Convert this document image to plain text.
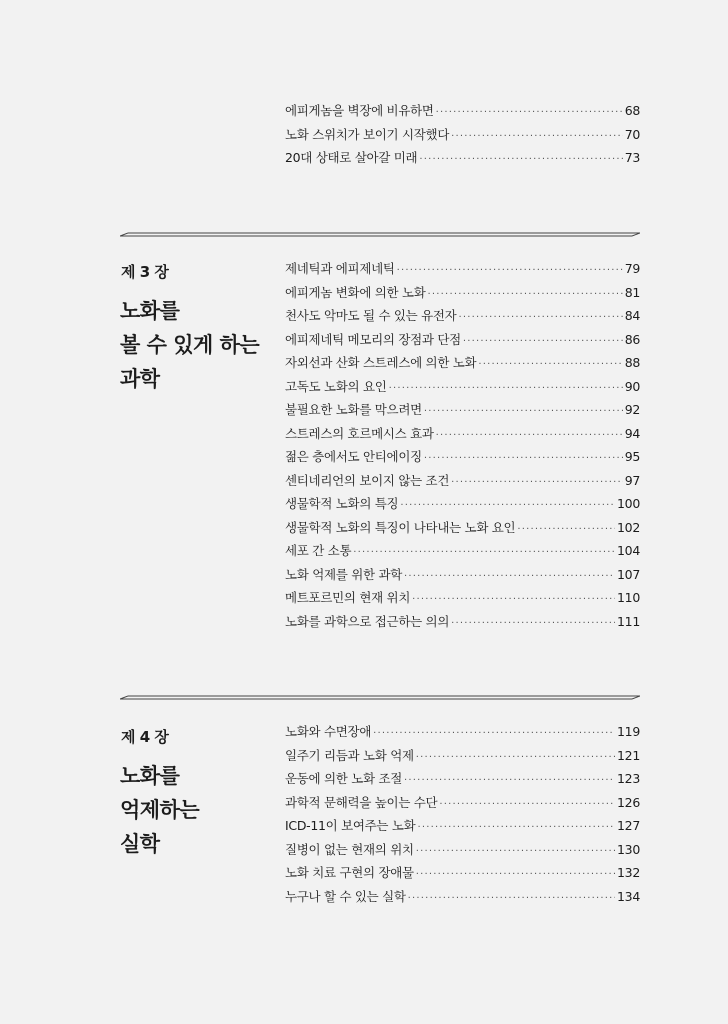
에피게놈을 벽장에 비유하면 ·····	68
노화 스위치가 보이기 시작했다 ·····	70
20대 상태로 살아갈 미래 ·····	73
제 3 장
노화를
볼 수 있게 하는
과학
제네틱과 에피제네틱 ·····	79
에피게놈 변화에 의한 노화 ·····	81
천사도 악마도 될 수 있는 유전자 ·····	84
에피제네틱 메모리의 장점과 단점 ·····	86
자외선과 산화 스트레스에 의한 노화 ·····	88
고독도 노화의 요인 ·····	90
불필요한 노화를 막으려면 ·····	92
스트레스의 호르메시스 효과 ·····	94
젊은 층에서도 안티에이징 ·····	95
센티네리언의 보이지 않는 조건 ·····	97
생물학적 노화의 특징 ·····	100
생물학적 노화의 특징이 나타내는 노화 요인 ·····	102
세포 간 소통 ·····	104
노화 억제를 위한 과학 ·····	107
메트포르민의 현재 위치 ·····	110
노화를 과학으로 접근하는 의의 ·····	111
제 4 장
노화를
억제하는
실학
노화와 수면장애 ·····	119
일주기 리듬과 노화 억제 ·····	121
운동에 의한 노화 조절 ·····	123
과학적 문해력을 높이는 수단 ·····	126
ICD-11이 보여주는 노화 ·····	127
질병이 없는 현재의 위치 ·····	130
노화 치료 구현의 장애물 ·····	132
누구나 할 수 있는 실학 ·····	134
